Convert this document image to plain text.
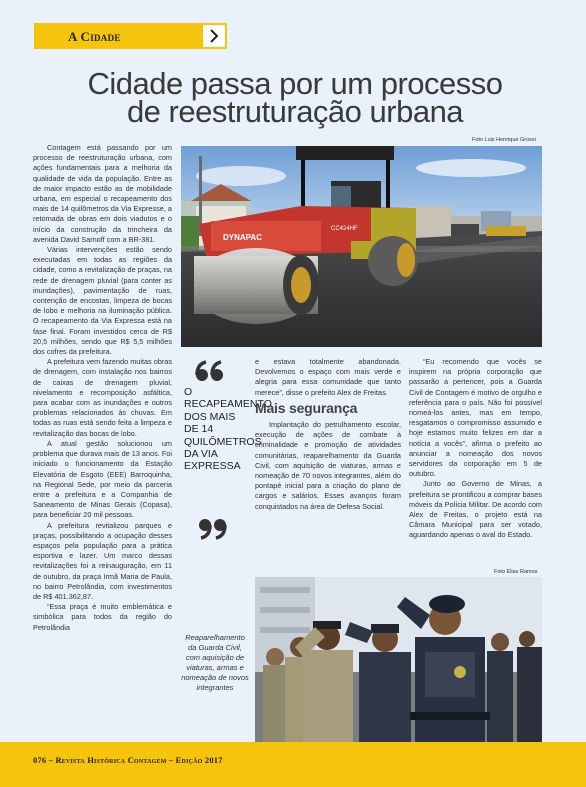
A Cidade
Cidade passa por um processo
de reestruturação urbana
Foto Luiz Henrique Grossi

Contagem está passando por um processo de reestruturação urbana, com ações fundamentais para a melhoria da qualidade de vida da população. Entre as de maior impacto estão as de mobilidade urbana, em especial o recapeamento dos mais de 14 quilômetros da Via Expresse, a retomada de obras em dois viadutos e o início da construção da trincheira da avenida David Sarnoff com a BR-381.

Várias intervenções estão sendo executadas em todas as regiões da cidade, como a revitalização de praças, na rede de drenagem pluvial (para conter as inundações), pavimentação de ruas, contenção de encostas, limpeza de bocas de lobo e melhoria na iluminação pública. O recapeamento da Via Expressa está na fase final. Foram investidos cerca de R$ 20,5 milhões, sendo que R$ 5,5 milhões dos cofres da prefeitura.

A prefeitura vem fazendo muitas obras de drenagem, com instalação nos bairros de caixas de drenagem pluvial, nivelamento e recomposição asfáltica, para acabar com as inundações e outros problemas relacionados às chuvas. Em todas as ruas está sendo feita a limpeza e revitalização das bocas de lobo.

A atual gestão solucionou um problema que durava mais de 13 anos. Foi iniciado o funcionamento da Estação Elevatória de Esgoto (EEE) Barroquinha, na Regional Sede, por meio da parceria entre a prefeitura e a Companhia de Saneamento de Minas Gerais (Copasa), para beneficiar 20 mil pessoas.

A prefeitura revitalizou parques e praças, possibilitando a ocupação desses espaços pela população para a prática esportiva e lazer. Um marco dessas revitalizações foi a reinauguração, em 11 de outubro, da praça Irmã Maria de Paula, no bairro Petrolândia, com investimentos de R$ 401.362,87.

“Essa praça é muito emblemática e simbólica para todos da região do Petrolândia

DYNAPAC
CC424HF
O RECAPEAMENTO DOS MAIS DE 14 QUILÔMETROS DA VIA EXPRESSA

e estava totalmente abandonada. Devolvemos o espaço com mais verde e alegria para essa comunidade que tanto merece”, disse o prefeito Alex de Freitas.

Mais segurança

Implantação do petrulhamento escolar, execução de ações de combate à criminalidade e promoção de atividades comunitárias, reaparelhamento da Guarda Civil, com aquisição de viaturas, armas e nomeação de 70 novos integrantes, além do pontapé inicial para a criação do plano de cargos e salários. Esses avanços foram conquistados na área de Defesa Social.

“Eu recomendo que vocês se inspirem na própria corporação que passarão a pertencer, pois a Guarda Civil de Contagem é motivo de orgulho e referência para o país. Não foi possível nomeá-los antes, mas em tempo, resgatamos o compromisso assumido e hoje estamos muito felizes em dar a notícia a vocês”, afirma o prefeito ao anunciar a nomeação dos novos servidores da corporação em 5 de outubro.

Junto ao Governo de Minas, a prefeitura se prontificou a comprar bases móveis da Polícia Militar. De acordo com Alex de Freitas, o projeto está na Câmara Municipal para ser votado, aguardando apenas o aval do Estado.

Foto Elias Ramos
Reaparelhamento da Guarda Civil, com aquisição de viaturas, armas e nomeação de novos integrantes
076 – Revista Histórica Contagem – Edição 2017
